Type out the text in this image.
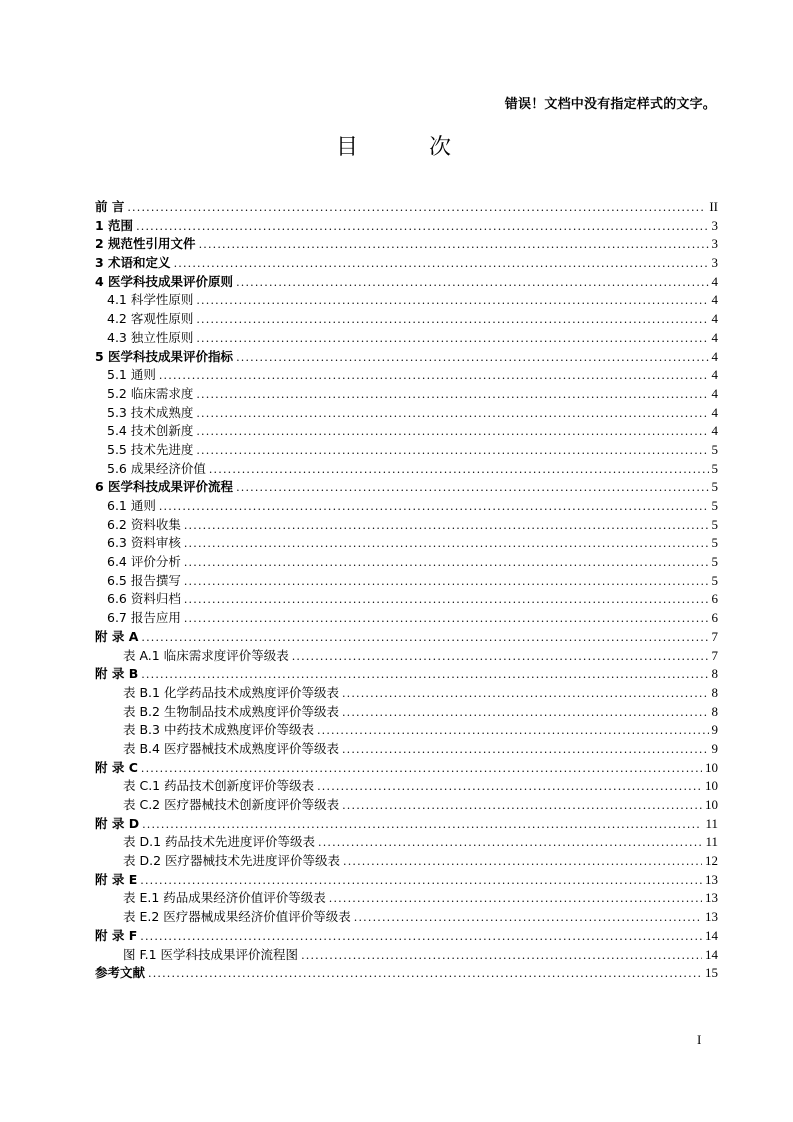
错误！文档中没有指定样式的文字。
目 次
前 言 .....	II
1 范围 .....	3
2 规范性引用文件 .....	3
3 术语和定义 .....	3
4 医学科技成果评价原则 .....	4
4.1 科学性原则 .....	4
4.2 客观性原则 .....	4
4.3 独立性原则 .....	4
5 医学科技成果评价指标 .....	4
5.1 通则 .....	4
5.2 临床需求度 .....	4
5.3 技术成熟度 .....	4
5.4 技术创新度 .....	4
5.5 技术先进度 .....	5
5.6 成果经济价值 .....	5
6 医学科技成果评价流程 .....	5
6.1 通则 .....	5
6.2 资料收集 .....	5
6.3 资料审核 .....	5
6.4 评价分析 .....	5
6.5 报告撰写 .....	5
6.6 资料归档 .....	6
6.7 报告应用 .....	6
附 录 A .....	7
表 A.1 临床需求度评价等级表 .....	7
附 录 B .....	8
表 B.1 化学药品技术成熟度评价等级表 .....	8
表 B.2 生物制品技术成熟度评价等级表 .....	8
表 B.3 中药技术成熟度评价等级表 .....	9
表 B.4 医疗器械技术成熟度评价等级表 .....	9
附 录 C .....	10
表 C.1 药品技术创新度评价等级表 .....	10
表 C.2 医疗器械技术创新度评价等级表 .....	10
附 录 D .....	11
表 D.1 药品技术先进度评价等级表 .....	11
表 D.2 医疗器械技术先进度评价等级表 .....	12
附 录 E .....	13
表 E.1 药品成果经济价值评价等级表 .....	13
表 E.2 医疗器械成果经济价值评价等级表 .....	13
附 录 F .....	14
图 F.1 医学科技成果评价流程图 .....	14
参考文献 .....	15
I
